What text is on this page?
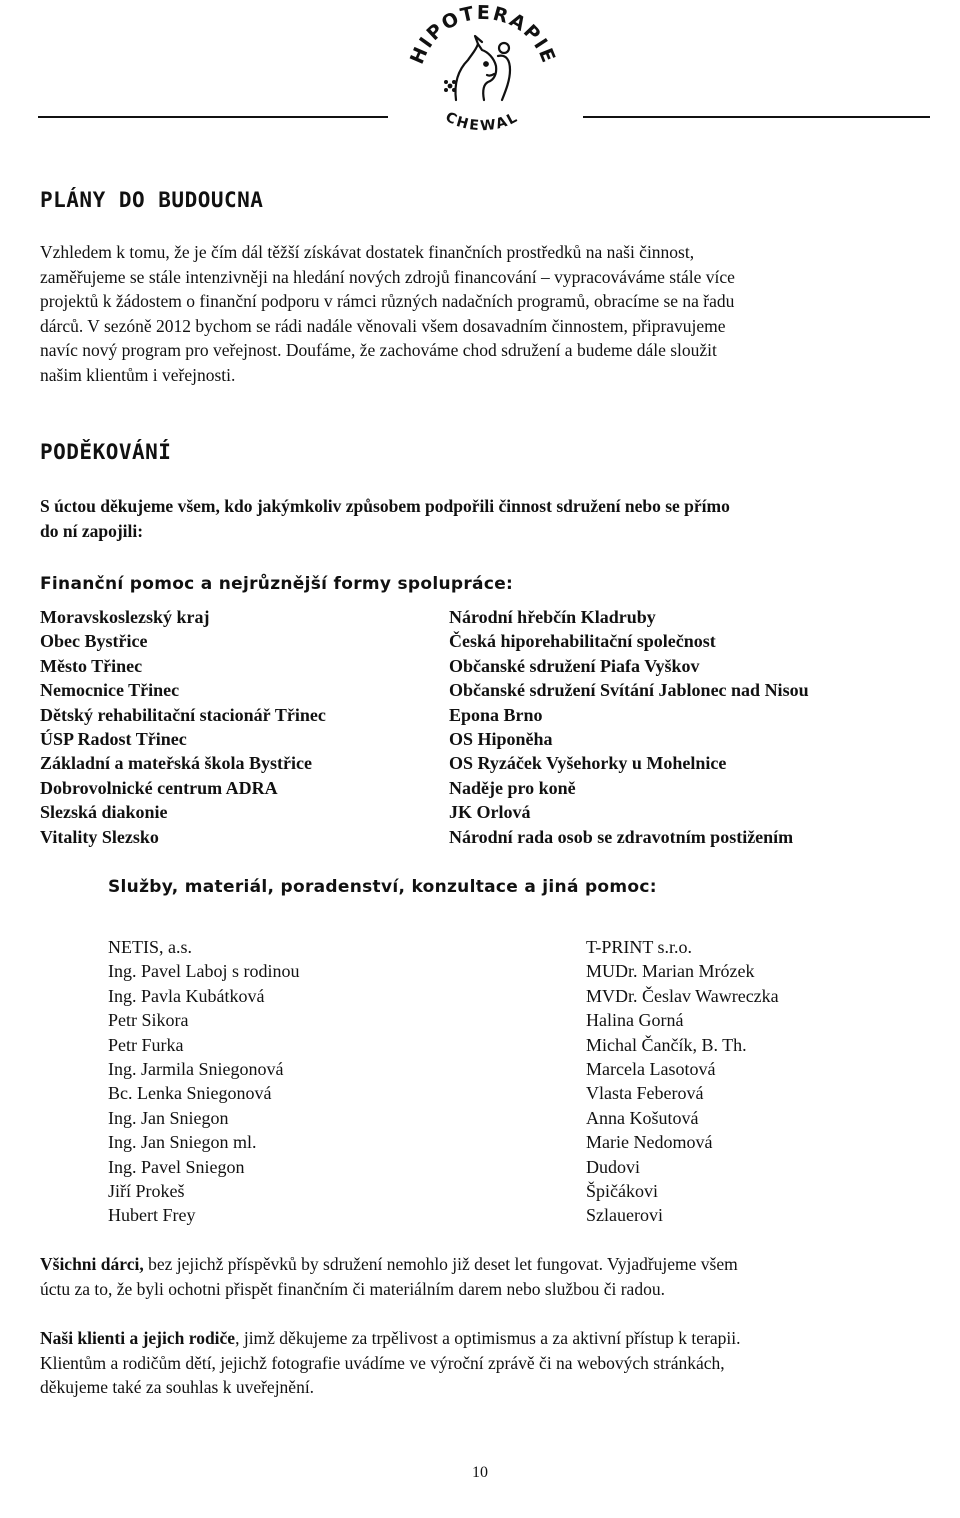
HIPOTERAPIE
CHEWAL
PLÁNY DO BUDOUCNA
Vzhledem k tomu, že je čím dál těžší získávat dostatek finančních prostředků na naši činnost,
zaměřujeme se stále intenzivněji na hledání nových zdrojů financování – vypracováváme stále více
projektů k žádostem o finanční podporu v rámci různých nadačních programů, obracíme se na řadu
dárců. V sezóně 2012 bychom se rádi nadále věnovali všem dosavadním činnostem, připravujeme
navíc nový program pro veřejnost. Doufáme, že zachováme chod sdružení a budeme dále sloužit
našim klientům i veřejnosti.
PODĚKOVÁNÍ
S úctou děkujeme všem, kdo jakýmkoliv způsobem podpořili činnost sdružení nebo se přímo
do ní zapojili:
Finanční pomoc a nejrůznější formy spolupráce:
Moravskoslezský kraj
Obec Bystřice
Město Třinec
Nemocnice Třinec
Dětský rehabilitační stacionář Třinec
ÚSP Radost Třinec
Základní a mateřská škola Bystřice
Dobrovolnické centrum ADRA
Slezská diakonie
Vitality Slezsko
Národní hřebčín Kladruby
Česká hiporehabilitační společnost
Občanské sdružení Piafa Vyškov
Občanské sdružení Svítání Jablonec nad Nisou
Epona Brno
OS Hiponěha
OS Ryzáček Vyšehorky u Mohelnice
Naděje pro koně
JK Orlová
Národní rada osob se zdravotním postižením
Služby, materiál, poradenství, konzultace a jiná pomoc:
NETIS, a.s.
Ing. Pavel Laboj s rodinou
Ing. Pavla Kubátková
Petr Sikora
Petr Furka
Ing. Jarmila Sniegonová
Bc. Lenka Sniegonová
Ing. Jan Sniegon
Ing. Jan Sniegon ml.
Ing. Pavel Sniegon
Jiří Prokeš
Hubert Frey
T-PRINT s.r.o.
MUDr. Marian Mrózek
MVDr. Česlav Wawreczka
Halina Gorná
Michal Čančík, B. Th.
Marcela Lasotová
Vlasta Feberová
Anna Košutová
Marie Nedomová
Dudovi
Špičákovi
Szlauerovi
Všichni dárci, bez jejichž příspěvků by sdružení nemohlo již deset let fungovat. Vyjadřujeme všem
úctu za to, že byli ochotni přispět finančním či materiálním darem nebo službou či radou.
Naši klienti a jejich rodiče, jimž děkujeme za trpělivost a optimismus a za aktivní přístup k terapii.
Klientům a rodičům dětí, jejichž fotografie uvádíme ve výroční zprávě či na webových stránkách,
děkujeme také za souhlas k uveřejnění.
10
